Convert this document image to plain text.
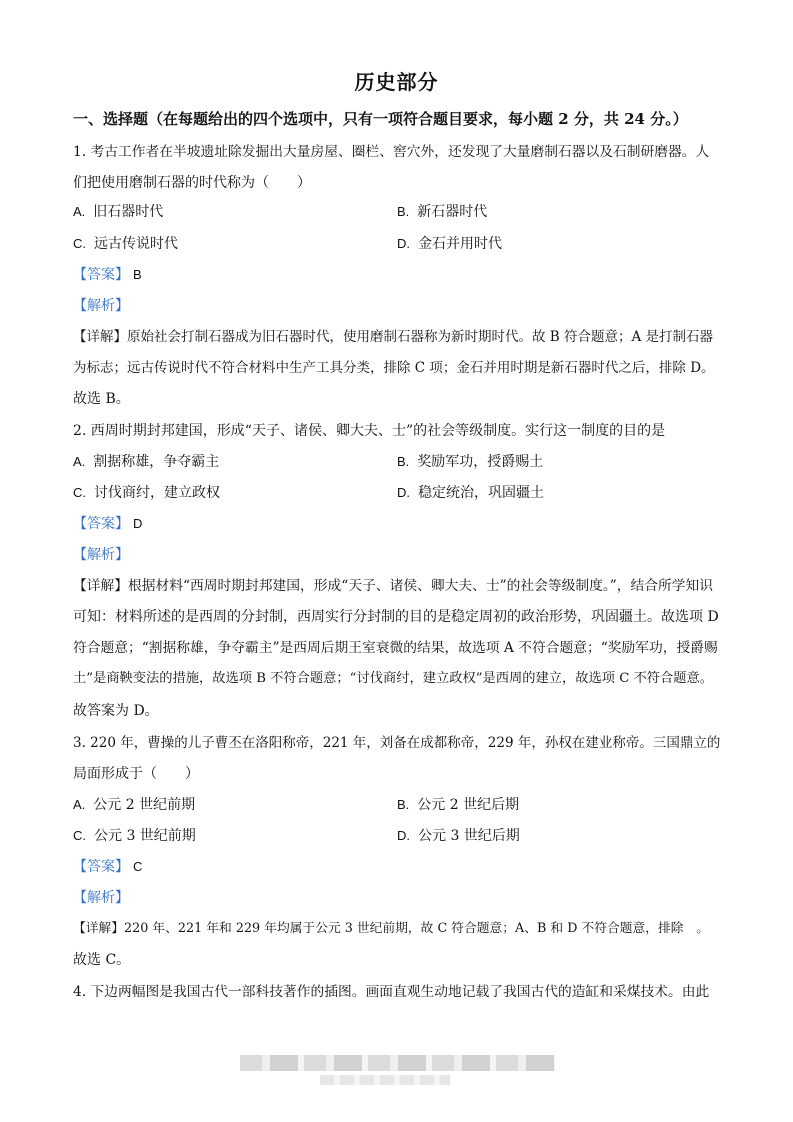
历史部分
一、选择题（在每题给出的四个选项中，只有一项符合题目要求，每小题 2 分，共 24 分。）
1. 考古工作者在半坡遗址除发掘出大量房屋、圈栏、窖穴外，还发现了大量磨制石器以及石制研磨器。人
们把使用磨制石器的时代称为（　　）
A. 旧石器时代	B. 新石器时代
C. 远古传说时代	D. 金石并用时代
【答案】 B
【解析】
【详解】原始社会打制石器成为旧石器时代，使用磨制石器称为新时期时代。故 B 符合题意；A 是打制石器
为标志；远古传说时代不符合材料中生产工具分类，排除 C 项；金石并用时期是新石器时代之后，排除 D。
故选 B。
2. 西周时期封邦建国，形成“天子、诸侯、卿大夫、士”的社会等级制度。实行这一制度的目的是
A. 割据称雄，争夺霸主	B. 奖励军功，授爵赐土
C. 讨伐商纣，建立政权	D. 稳定统治，巩固疆土
【答案】 D
【解析】
【详解】根据材料“西周时期封邦建国，形成“天子、诸侯、卿大夫、士”的社会等级制度。”，结合所学知识
可知：材料所述的是西周的分封制，西周实行分封制的目的是稳定周初的政治形势，巩固疆土。故选项 D
符合题意；“割据称雄，争夺霸主”是西周后期王室衰微的结果，故选项 A 不符合题意；“奖励军功，授爵赐
土”是商鞅变法的措施，故选项 B 不符合题意；“讨伐商纣，建立政权”是西周的建立，故选项 C 不符合题意。
故答案为 D。
3. 220 年，曹操的儿子曹丕在洛阳称帝，221 年，刘备在成都称帝，229 年，孙权在建业称帝。三国鼎立的
局面形成于（　　）
A. 公元 2 世纪前期	B. 公元 2 世纪后期
C. 公元 3 世纪前期	D. 公元 3 世纪后期
【答案】 C
【解析】
【详解】220 年、221 年和 229 年均属于公元 3 世纪前期，故 C 符合题意；A、B 和 D 不符合题意，排除　。
故选 C。
4. 下边两幅图是我国古代一部科技著作的插图。画面直观生动地记载了我国古代的造缸和采煤技术。由此
